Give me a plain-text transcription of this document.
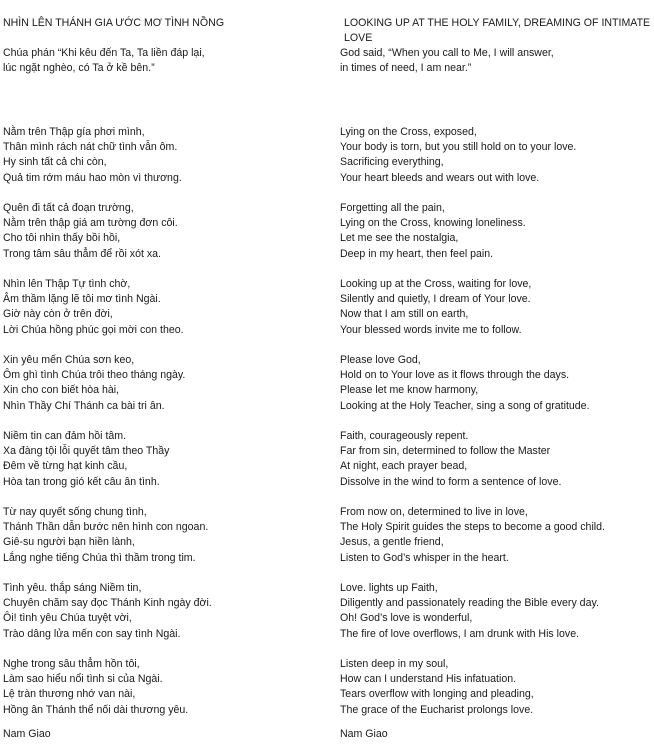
NHÌN LÊN THÁNH GIA ƯỚC MƠ TÌNH NỒNG
Chúa phán “Khi kêu đến Ta, Ta liền đáp lại,
lúc ngặt nghèo, có Ta ở kề bên.”
Nằm trên Thập gía phơi mình,
Thân mình rách nát chữ tình vẫn ôm.
Hy sinh tất cả chi còn,
Quả tim rớm máu hao mòn vì thương.
Quên đi tất cả đoạn trường,
Nằm trên thập giá am tường đơn côi.
Cho tôi nhìn thấy bồi hồi,
Trong tâm sâu thẳm để rồi xót xa.
Nhìn lên Thập Tự tình chờ,
Âm thầm lặng lẽ tôi mơ tình Ngài.
Giờ này còn ở trên đời,
Lời Chúa hồng phúc gọi mời con theo.
Xin yêu mến Chúa sơn keo,
Ôm ghì tình Chúa trôi theo tháng ngày.
Xin cho con biết hòa hài,
Nhìn Thầy Chí Thánh ca bài tri ân.
Niềm tin can đảm hồi tâm.
Xa đàng tội lỗi quyết tâm theo Thầy
Đêm về từng hạt kinh cầu,
Hòa tan trong gió kết câu ân tình.
Từ nay quyết sống chung tình,
Thánh Thần dẫn bước nên hình con ngoan.
Giê-su người bạn hiền lành,
Lắng nghe tiếng Chúa thì thầm trong tim.
Tình yêu. thắp sáng Niềm tin,
Chuyên chăm say đọc Thánh Kinh ngày đời.
Ôi! tình yêu Chúa tuyệt vời,
Trào dâng lửa mến con say tình Ngài.
Nghe trong sâu thẳm hồn tôi,
Làm sao hiểu nổi tình si của Ngài.
Lệ tràn thương nhớ van nài,
Hồng ân Thánh thể nối dài thương yêu.
LOOKING UP AT THE HOLY FAMILY, DREAMING OF INTIMATE LOVE
God said, “When you call to Me, I will answer,
in times of need, I am near.”
Lying on the Cross, exposed,
Your body is torn, but you still hold on to your love.
Sacrificing everything,
Your heart bleeds and wears out with love.
Forgetting all the pain,
Lying on the Cross, knowing loneliness.
Let me see the nostalgia,
Deep in my heart, then feel pain.
Looking up at the Cross, waiting for love,
Silently and quietly, I dream of Your love.
Now that I am still on earth,
Your blessed words invite me to follow.
Please love God,
Hold on to Your love as it flows through the days.
Please let me know harmony,
Looking at the Holy Teacher, sing a song of gratitude.
Faith, courageously repent.
Far from sin, determined to follow the Master
At night, each prayer bead,
Dissolve in the wind to form a sentence of love.
From now on, determined to live in love,
The Holy Spirit guides the steps to become a good child.
Jesus, a gentle friend,
Listen to God’s whisper in the heart.
Love. lights up Faith,
Diligently and passionately reading the Bible every day.
Oh! God’s love is wonderful,
The fire of love overflows, I am drunk with His love.
Listen deep in my soul,
How can I understand His infatuation.
Tears overflow with longing and pleading,
The grace of the Eucharist prolongs love.
Nam Giao	Nam Giao
